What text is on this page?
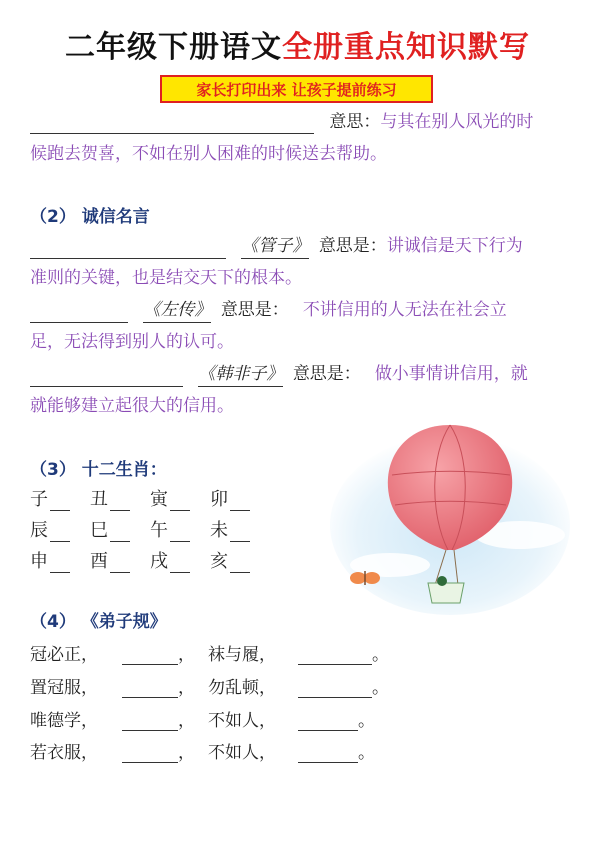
二年级下册语文全册重点知识默写
家长打印出来 让孩子提前练习
意思：与其在别人风光的时
候跑去贺喜，不如在别人困难的时候送去帮助。
（2） 诚信名言
《管子》 意思是：讲诚信是天下行为
准则的关键，也是结交天下的根本。
《左传》 意思是： 不讲信用的人无法在社会立
足，无法得到别人的认可。
《韩非子》 意思是： 做小事情讲信用，就
就能够建立起很大的信用。
（3） 十二生肖：
子 丑 寅 卯
辰 巳 午 未
申 酉 戌 亥
（4） 《弟子规》
冠必正，	， 袜与履，	。
置冠服，	， 勿乱顿，	。
唯德学，	， 不如人，	。
若衣服，	， 不如人，	。
